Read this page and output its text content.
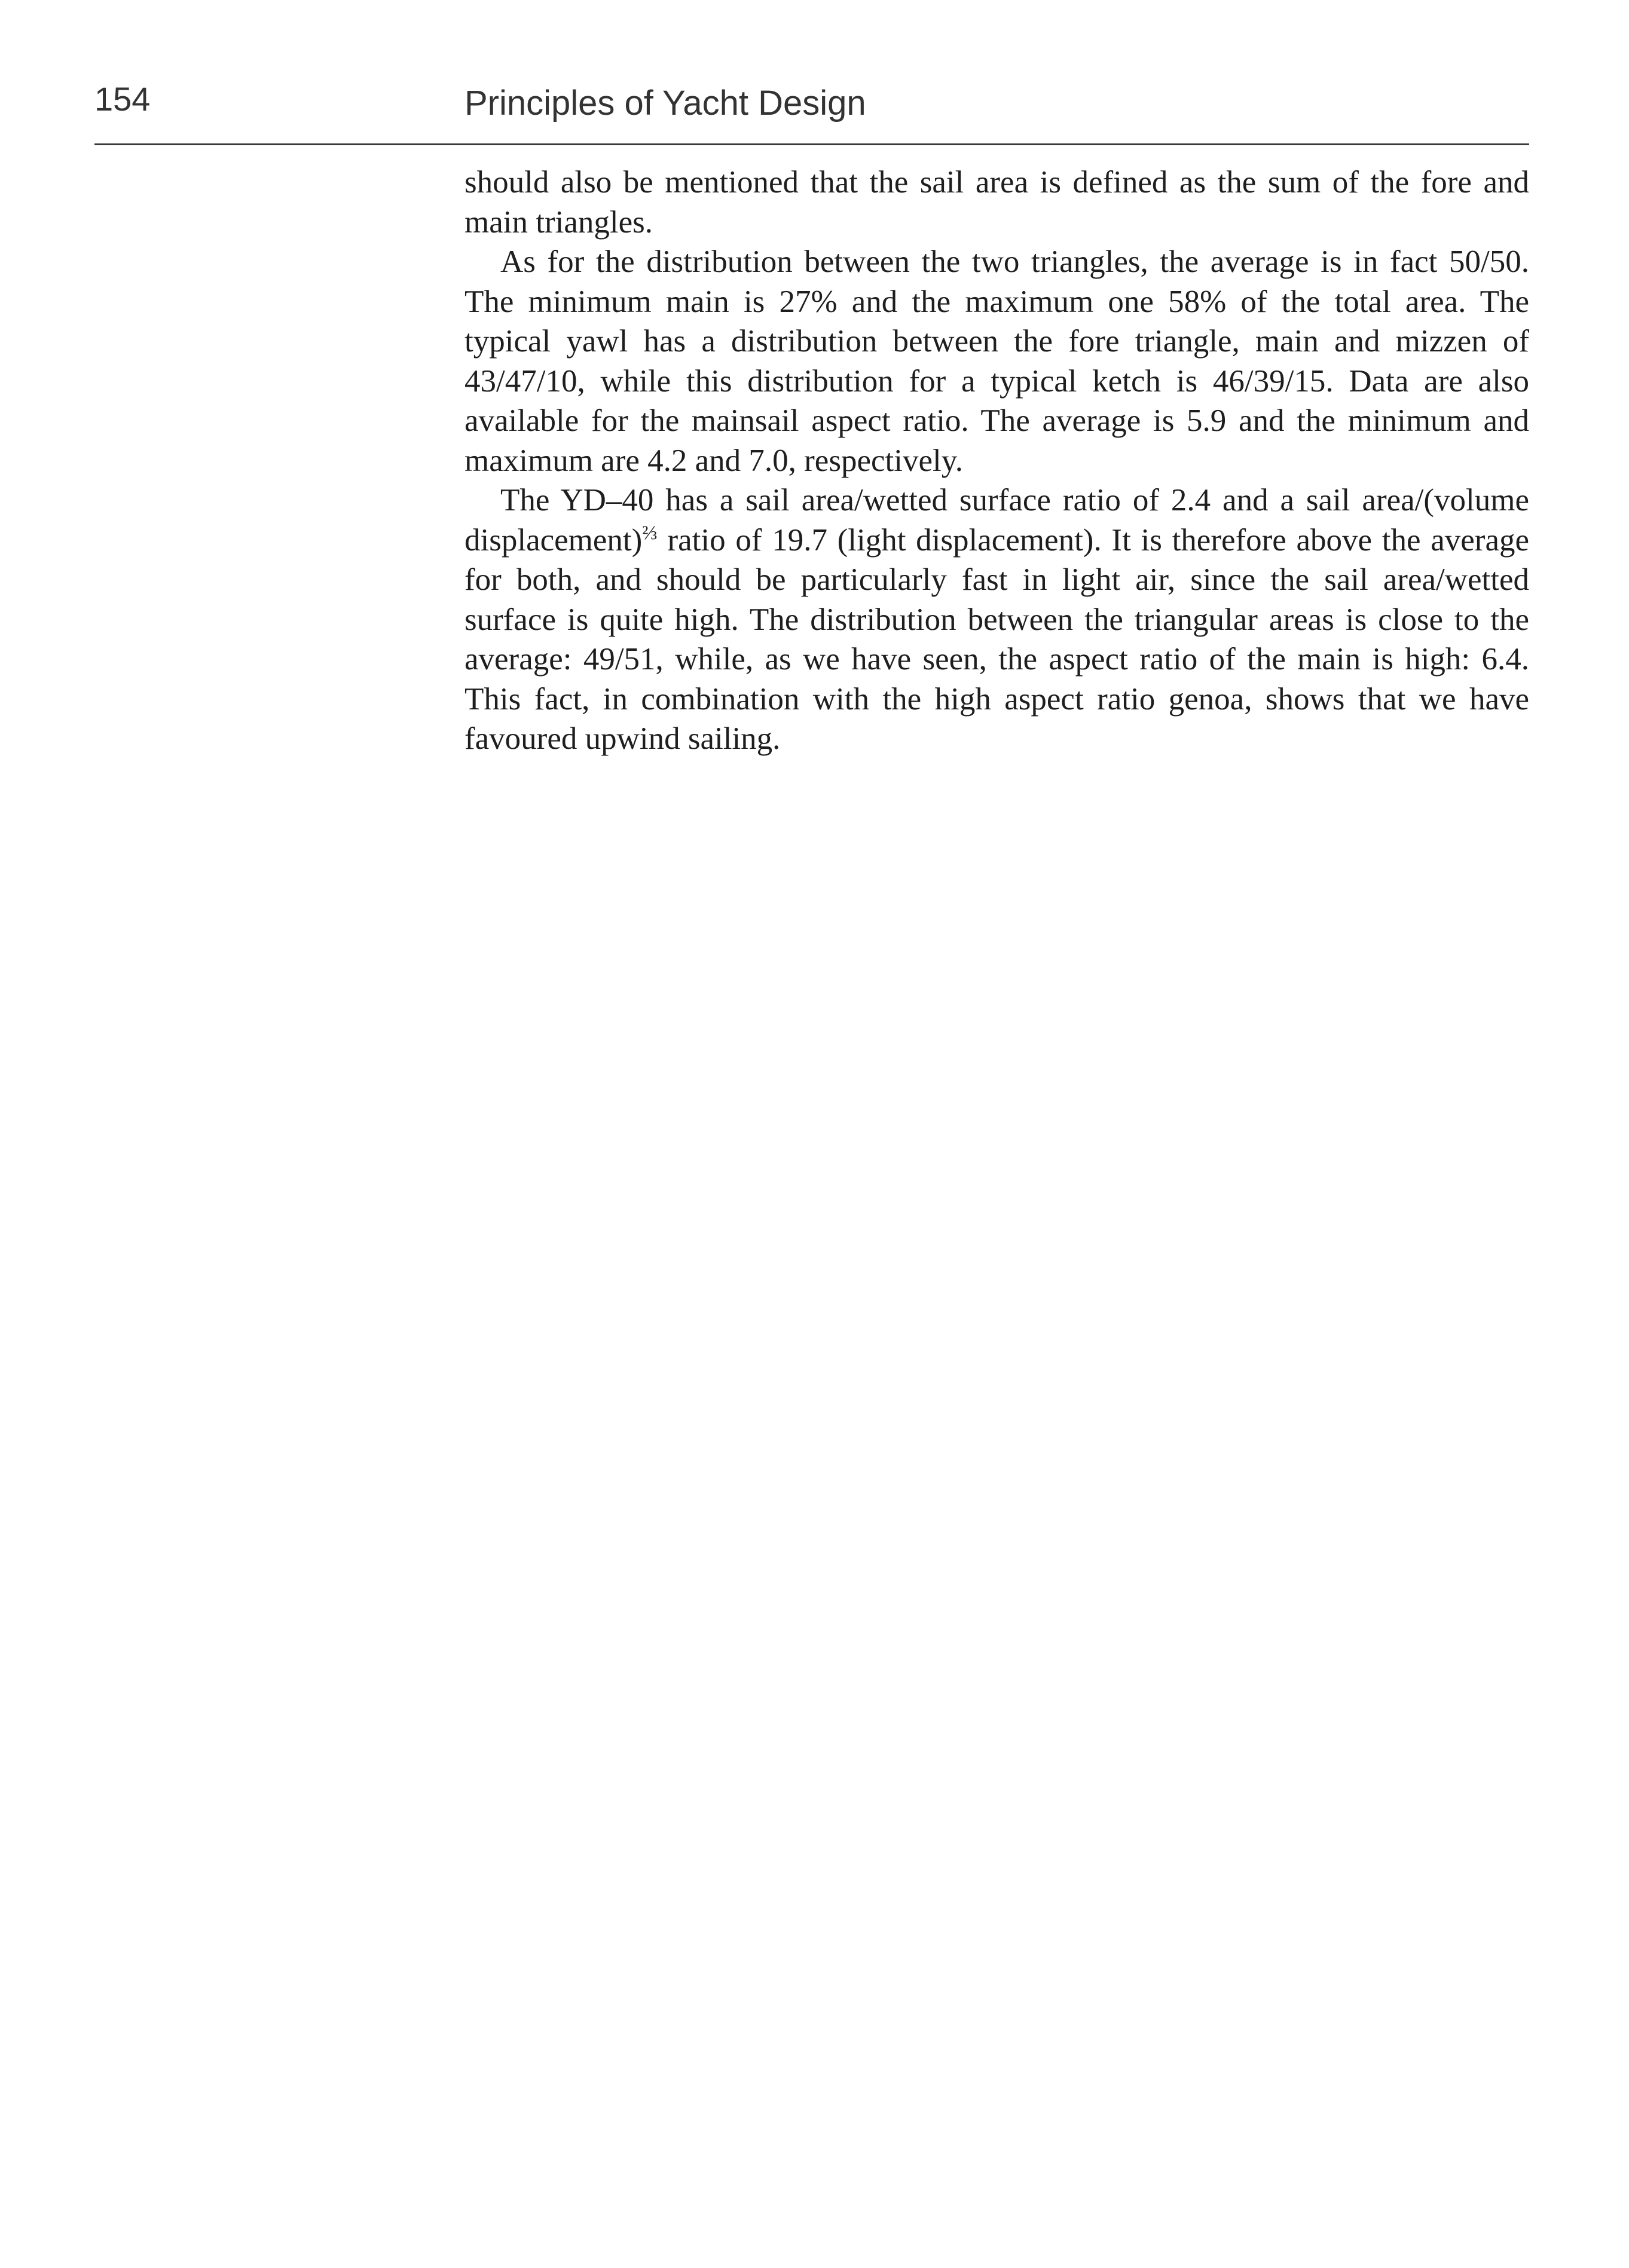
154	Principles of Yacht Design

should also be mentioned that the sail area is defined as the sum of the fore and main triangles.

As for the distribution between the two triangles, the average is in fact 50/50. The minimum main is 27% and the maximum one 58% of the total area. The typical yawl has a distribution between the fore triangle, main and mizzen of 43/47/10, while this distribution for a typical ketch is 46/39/15. Data are also available for the mainsail aspect ratio. The average is 5.9 and the minimum and maximum are 4.2 and 7.0, respectively.

The YD–40 has a sail area/wetted surface ratio of 2.4 and a sail area/(volume displacement)$^{\frac{2}{3}}$ ratio of 19.7 (light displacement). It is therefore above the average for both, and should be particularly fast in light air, since the sail area/wetted surface is quite high. The distribution between the triangular areas is close to the average: 49/51, while, as we have seen, the aspect ratio of the main is high: 6.4. This fact, in combination with the high aspect ratio genoa, shows that we have favoured upwind sailing.
